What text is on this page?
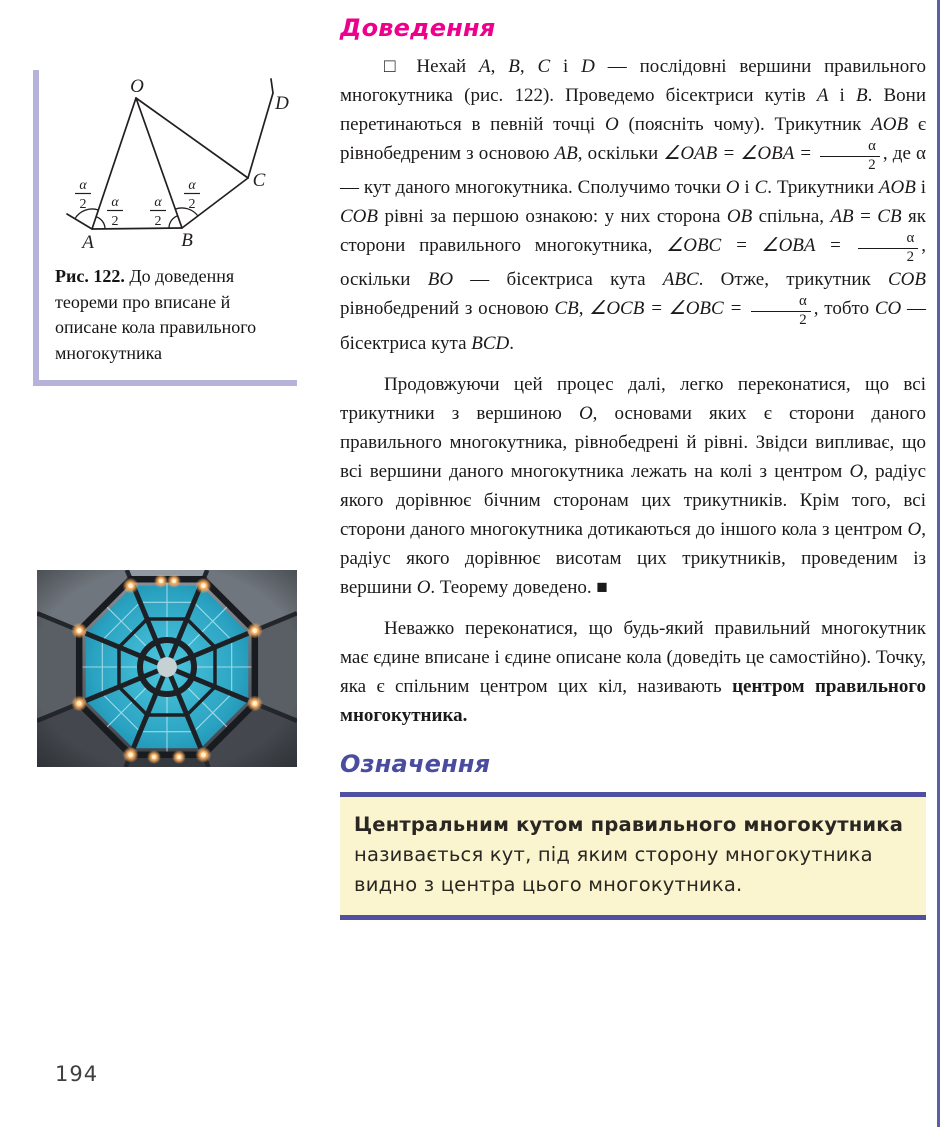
O
D
C
A	B
α
2 α
2
α
2
α
2

Рис. 122. До доведення теореми про вписане й описане кола правильного многокутника

194
Доведення

□ Нехай A, B, C і D — послідовні вершини правильного многокутника (рис. 122). Проведемо бісектриси кутів A і B. Вони перетинаються в певній точці O (поясніть чому). Трикутник AOB є рівнобедреним з основою AB, оскільки ∠OAB = ∠OBA = $\frac{\alpha}{2}$ , де α — кут даного многокутника. Сполучимо точки O і C. Трикутники AOB і COB рівні за першою ознакою: у них сторона OB спільна, AB = CB як сторони правильного многокутника, ∠OBC = ∠OBA = $\frac{\alpha}{2}$ , оскільки BO — бісектриса кута ABC. Отже, трикутник COB рівнобедрений з основою CB, ∠OCB = ∠OBC = $\frac{\alpha}{2}$ , тобто CO — бісектриса кута BCD.

Продовжуючи цей процес далі, легко переконатися, що всі трикутники з вершиною O, основами яких є сторони даного правильного многокутника, рівнобедрені й рівні. Звідси випливає, що всі вершини даного многокутника лежать на колі з центром O, радіус якого дорівнює бічним сторонам цих трикутників. Крім того, всі сторони даного многокутника дотикаються до іншого кола з центром O, радіус якого дорівнює висотам цих трикутників, проведеним із вершини O. Теорему доведено. ■

Неважко переконатися, що будь-який правильний многокутник має єдине вписане і єдине описане кола (доведіть це самостійно). Точку, яка є спільним центром цих кіл, називають центром правильного многокутника.

Означення
Центральним кутом правильного многокутника називається кут, під яким сторону многокутника видно з центра цього многокутника.
